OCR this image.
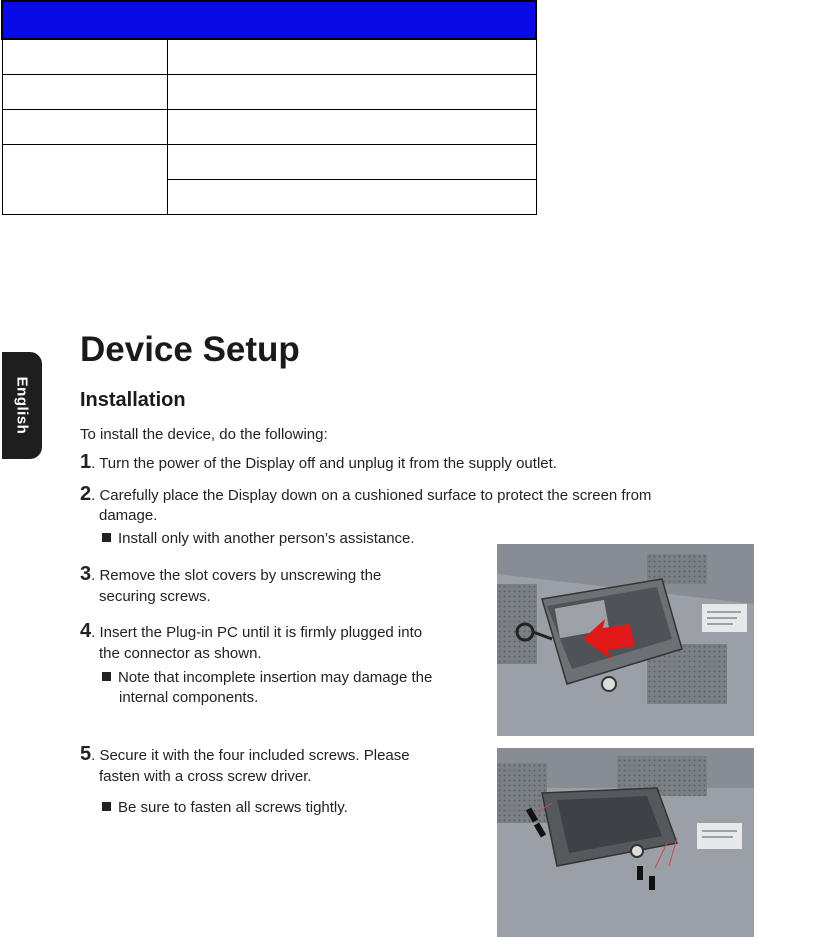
English
Device Setup
Installation

To install the device, do the following:

1. Turn the power of the Display off and unplug it from the supply outlet.

2. Carefully place the Display down on a cushioned surface to protect the screen from

damage.

Install only with another person’s assistance.

3. Remove the slot covers by unscrewing the

securing screws.

4. Insert the Plug-in PC until it is firmly plugged into

the connector as shown.

Note that incomplete insertion may damage the

internal components.

5. Secure it with the four included screws. Please

fasten with a cross screw driver.

Be sure to fasten all screws tightly.
